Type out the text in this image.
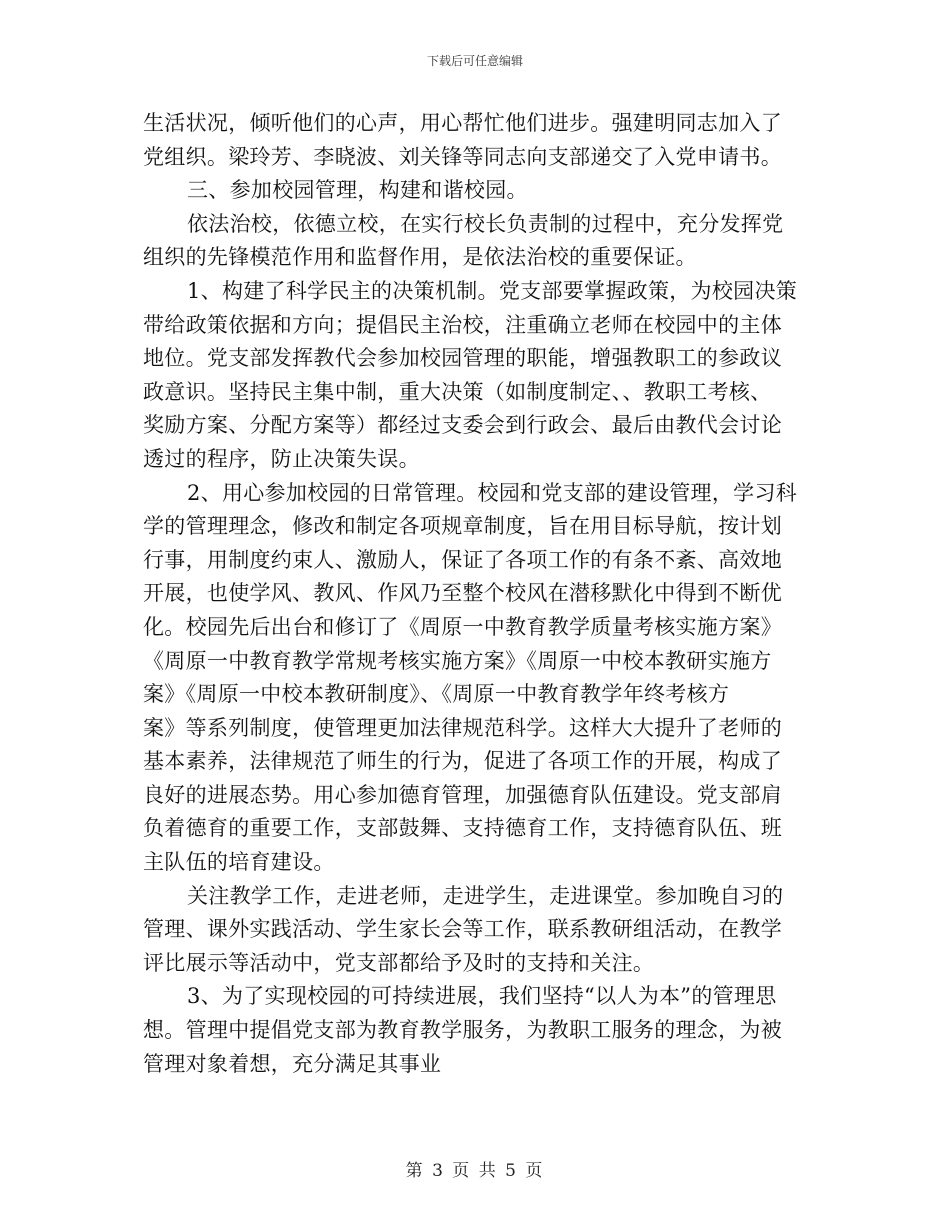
下载后可任意编辑
生活状况，倾听他们的心声，用心帮忙他们进步。强建明同志加入了
党组织。梁玲芳、李晓波、刘关锋等同志向支部递交了入党申请书。
三、参加校园管理，构建和谐校园。
依法治校，依德立校，在实行校长负责制的过程中，充分发挥党
组织的先锋模范作用和监督作用，是依法治校的重要保证。
1、构建了科学民主的决策机制。党支部要掌握政策，为校园决策
带给政策依据和方向；提倡民主治校，注重确立老师在校园中的主体
地位。党支部发挥教代会参加校园管理的职能，增强教职工的参政议
政意识。坚持民主集中制，重大决策（如制度制定、、教职工考核、
奖励方案、分配方案等）都经过支委会到行政会、最后由教代会讨论
透过的程序，防止决策失误。
2、用心参加校园的日常管理。校园和党支部的建设管理，学习科
学的管理理念，修改和制定各项规章制度，旨在用目标导航，按计划
行事，用制度约束人、激励人，保证了各项工作的有条不紊、高效地
开展，也使学风、教风、作风乃至整个校风在潜移默化中得到不断优
化。校园先后出台和修订了《周原一中教育教学质量考核实施方案》
《周原一中教育教学常规考核实施方案》《周原一中校本教研实施方
案》《周原一中校本教研制度》、《周原一中教育教学年终考核方
案》等系列制度，使管理更加法律规范科学。这样大大提升了老师的
基本素养，法律规范了师生的行为，促进了各项工作的开展，构成了
良好的进展态势。用心参加德育管理，加强德育队伍建设。党支部肩
负着德育的重要工作，支部鼓舞、支持德育工作，支持德育队伍、班
主队伍的培育建设。
关注教学工作，走进老师，走进学生，走进课堂。参加晚自习的
管理、课外实践活动、学生家长会等工作，联系教研组活动，在教学
评比展示等活动中，党支部都给予及时的支持和关注。
3、为了实现校园的可持续进展，我们坚持“以人为本”的管理思
想。管理中提倡党支部为教育教学服务，为教职工服务的理念，为被
管理对象着想，充分满足其事业
第 3 页 共 5 页
